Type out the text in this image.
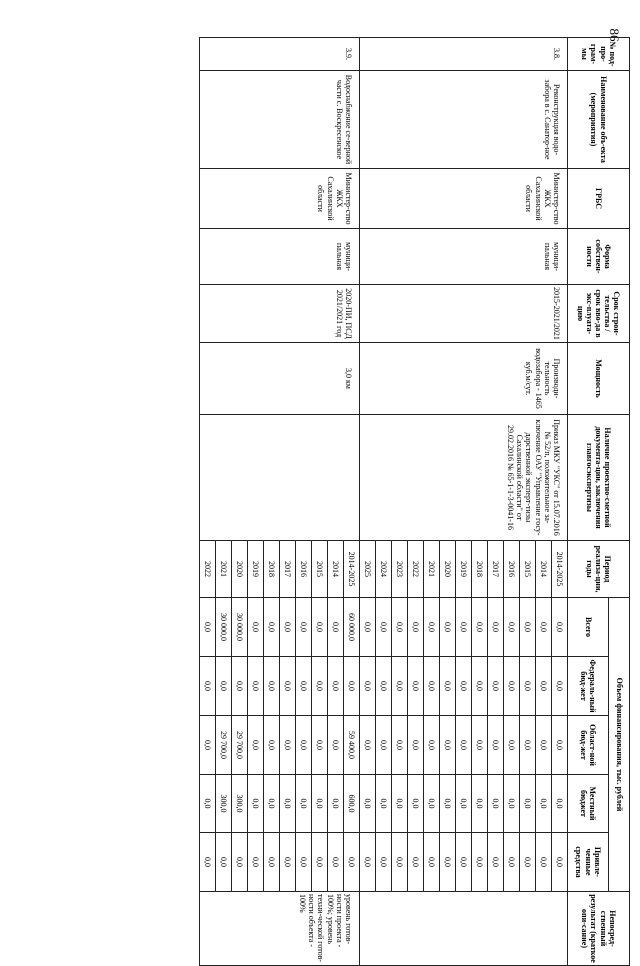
86
№ под-про-грам-мы	Наименование объ-екта (мероприятия)	ГРБС	Форма собствен-ности	Срок строи-тельства / срок вво-да в экс-плуата-цию	Мощность	Наличие проектно-сметной документа-ции, заключения главгосэкспертизы	Период реализа-ции, годы	Объем финансирования, тыс. рублей					Непосред-ственный результат (краткое опи-сание)
								Всего	Федераль-ный бюд-жет	Област-ной бюд-жет	Местный бюджет	Привле-ченные средства	
3.8.	Реконструкция водо-забора в с. Санатор-ное	Министер-ство ЖКХ Сахалинской области	муници-пальная	2015-2021/2021	Производи-тельность водозабора - 1465 куб.м/сут.	Приказ МКУ "УКС" от 15.07.2016 № 52/п, положительное за-ключение ОАУ "Управление госу-дарственной эксперт-тизы Сахалинской области" от 29.02.2016 № 65-1-1-3-0041-16	2014-2025	0,0	0,0	0,0	0,0	0,0	
							2014	0,0	0,0	0,0	0,0	0,0	
							2015	0,0	0,0	0,0	0,0	0,0	
							2016	0,0	0,0	0,0	0,0	0,0	
							2017	0,0	0,0	0,0	0,0	0,0	
							2018	0,0	0,0	0,0	0,0	0,0	
							2019	0,0	0,0	0,0	0,0	0,0	
							2020	0,0	0,0	0,0	0,0	0,0	
							2021	0,0	0,0	0,0	0,0	0,0	
							2022	0,0	0,0	0,0	0,0	0,0	
							2023	0,0	0,0	0,0	0,0	0,0	
							2024	0,0	0,0	0,0	0,0	0,0	
							2025	0,0	0,0	0,0	0,0	0,0	
3.9.	Водоснабжение се-верной части с. Воскресенское	Министер-ство ЖКХ Сахалинской области	муници-пальная	2020-ПИ, ПСД 2021/2021 год	3,0 км		2014-2025	60 000,0	0,0	59 400,0	600,0	0,0	уровень готов-ности проекта - 100%; уровень техни-ческой готов-ности объекта - 100%
							2014	0,0	0,0	0,0	0,0	0,0	
							2015	0,0	0,0	0,0	0,0	0,0	
							2016	0,0	0,0	0,0	0,0	0,0	
							2017	0,0	0,0	0,0	0,0	0,0	
							2018	0,0	0,0	0,0	0,0	0,0	
							2019	0,0	0,0	0,0	0,0	0,0	
							2020	30 000,0	0,0	29 700,0	300,0	0,0	
							2021	30 000,0	0,0	29 700,0	300,0	0,0	
							2022	0,0	0,0	0,0	0,0	0,0	
